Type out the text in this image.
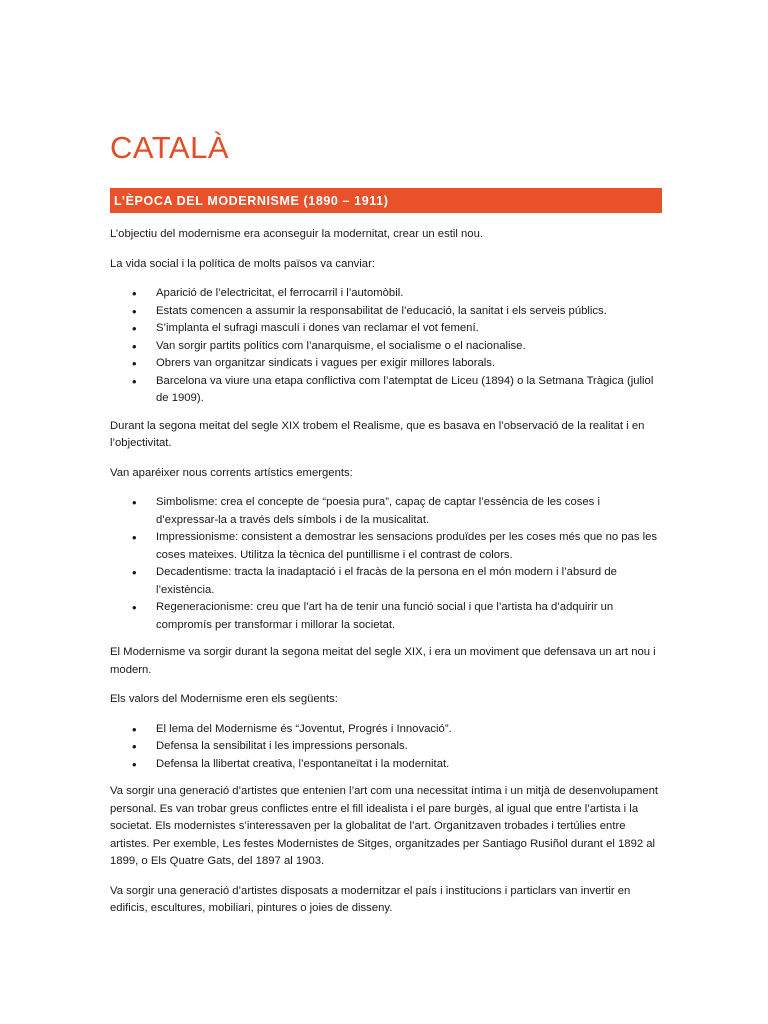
CATALÀ
L’ÈPOCA DEL MODERNISME (1890 – 1911)

L’objectiu del modernisme era aconseguir la modernitat, crear un estil nou.

La vida social i la política de molts països va canviar:

• Aparició de l’electricitat, el ferrocarril i l’automòbil.
• Estats comencen a assumir la responsabilitat de l’educació, la sanitat i els serveis públics.
• S’implanta el sufragi masculí i dones van reclamar el vot femení.
• Van sorgir partits polítics com l’anarquisme, el socialisme o el nacionalise.
• Obrers van organitzar sindicats i vagues per exigir millores laborals.
• Barcelona va viure una etapa conflictiva com l’atemptat de Liceu (1894) o la Setmana Tràgica (juliol de 1909).

Durant la segona meitat del segle XIX trobem el Realisme, que es basava en l’observació de la realitat i en l’objectivitat.

Van aparéixer nous corrents artístics emergents:

• Simbolisme: crea el concepte de “poesia pura”, capaç de captar l’essència de les coses i d’expressar-la a través dels símbols i de la musicalitat.
• Impressionisme: consistent a demostrar les sensacions produïdes per les coses més que no pas les coses mateixes. Utilitza la tècnica del puntillisme i el contrast de colors.
• Decadentisme: tracta la inadaptació i el fracàs de la persona en el món modern i l’absurd de l’existència.
• Regeneracionisme: creu que l’art ha de tenir una funció social i que l’artista ha d’adquirir un compromís per transformar i millorar la societat.

El Modernisme va sorgir durant la segona meitat del segle XIX, i era un moviment que defensava un art nou i modern.

Els valors del Modernisme eren els següents:

• El lema del Modernisme és “Joventut, Progrés i Innovació”.
• Defensa la sensibilitat i les impressions personals.
• Defensa la llibertat creativa, l’espontaneïtat i la modernitat.

Va sorgir una generació d’artistes que entenien l’art com una necessitat íntima i un mitjà de desenvolupament personal. Es van trobar greus conflictes entre el fill idealista i el pare burgès, al igual que entre l’artista i la societat. Els modernistes s’interessaven per la globalitat de l’art. Organitzaven trobades i tertúlies entre artistes. Per exemble, Les festes Modernistes de Sitges, organitzades per Santiago Rusiñol durant el 1892 al 1899, o Els Quatre Gats, del 1897 al 1903.

Va sorgir una generació d’artistes disposats a modernitzar el país i institucions i particlars van invertir en edificis, escultures, mobiliari, pintures o joies de disseny.
